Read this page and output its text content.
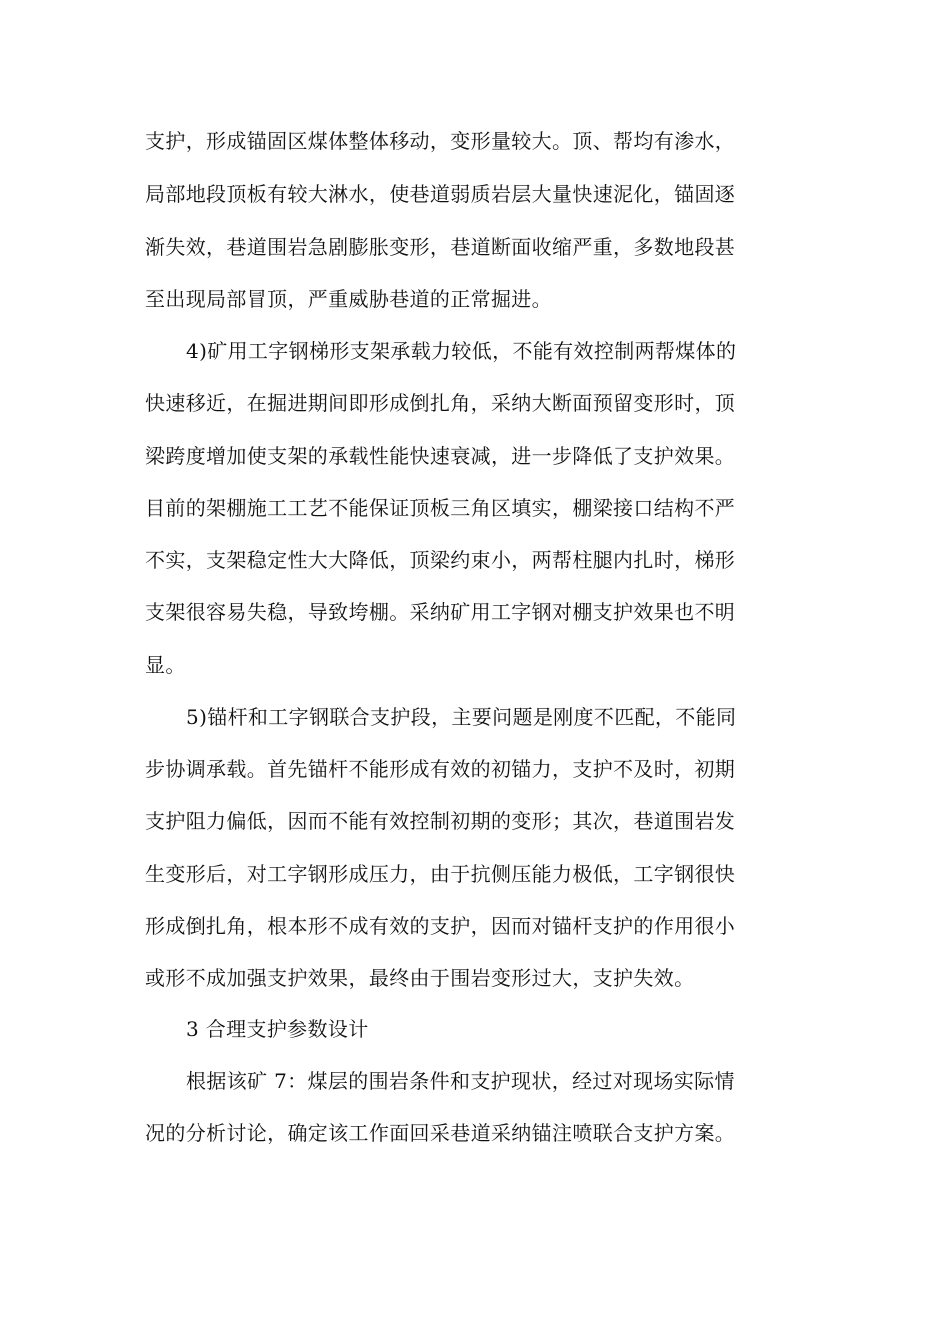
支护，形成锚固区煤体整体移动，变形量较大。顶、帮均有渗水，
局部地段顶板有较大淋水，使巷道弱质岩层大量快速泥化，锚固逐
渐失效，巷道围岩急剧膨胀变形，巷道断面收缩严重，多数地段甚
至出现局部冒顶，严重威胁巷道的正常掘进。
4)矿用工字钢梯形支架承载力较低，不能有效控制两帮煤体的
快速移近，在掘进期间即形成倒扎角，采纳大断面预留变形时，顶
梁跨度增加使支架的承载性能快速衰减，进一步降低了支护效果。
目前的架棚施工工艺不能保证顶板三角区填实，棚梁接口结构不严
不实，支架稳定性大大降低，顶梁约束小，两帮柱腿内扎时，梯形
支架很容易失稳，导致垮棚。采纳矿用工字钢对棚支护效果也不明
显。
5)锚杆和工字钢联合支护段，主要问题是刚度不匹配，不能同
步协调承载。首先锚杆不能形成有效的初锚力，支护不及时，初期
支护阻力偏低，因而不能有效控制初期的变形；其次，巷道围岩发
生变形后，对工字钢形成压力，由于抗侧压能力极低，工字钢很快
形成倒扎角，根本形不成有效的支护，因而对锚杆支护的作用很小
或形不成加强支护效果，最终由于围岩变形过大，支护失效。
3 合理支护参数设计
根据该矿 7：煤层的围岩条件和支护现状，经过对现场实际情
况的分析讨论，确定该工作面回采巷道采纳锚注喷联合支护方案。
